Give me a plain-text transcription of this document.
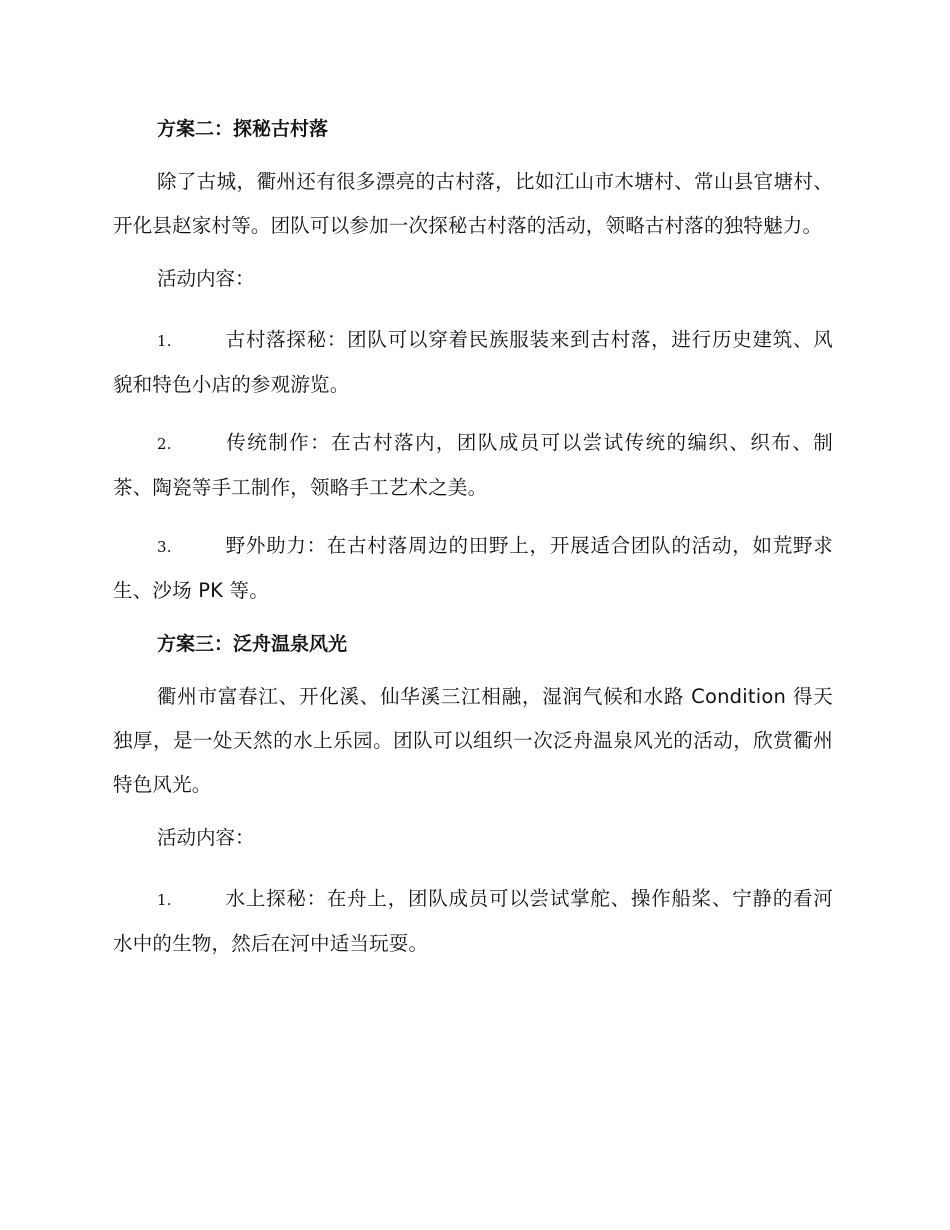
方案二：探秘古村落

除了古城，衢州还有很多漂亮的古村落，比如江山市木塘村、常山县官塘村、开化县赵家村等。团队可以参加一次探秘古村落的活动，领略古村落的独特魅力。

活动内容：

1.	古村落探秘：团队可以穿着民族服装来到古村落，进行历史建筑、风貌和特色小店的参观游览。

2.	传统制作：在古村落内，团队成员可以尝试传统的编织、织布、制茶、陶瓷等手工制作，领略手工艺术之美。

3.	野外助力：在古村落周边的田野上，开展适合团队的活动，如荒野求生、沙场 PK 等。

方案三：泛舟温泉风光

衢州市富春江、开化溪、仙华溪三江相融，湿润气候和水路 Condition 得天独厚，是一处天然的水上乐园。团队可以组织一次泛舟温泉风光的活动，欣赏衢州特色风光。

活动内容：

1.	水上探秘：在舟上，团队成员可以尝试掌舵、操作船桨、宁静的看河水中的生物，然后在河中适当玩耍。
